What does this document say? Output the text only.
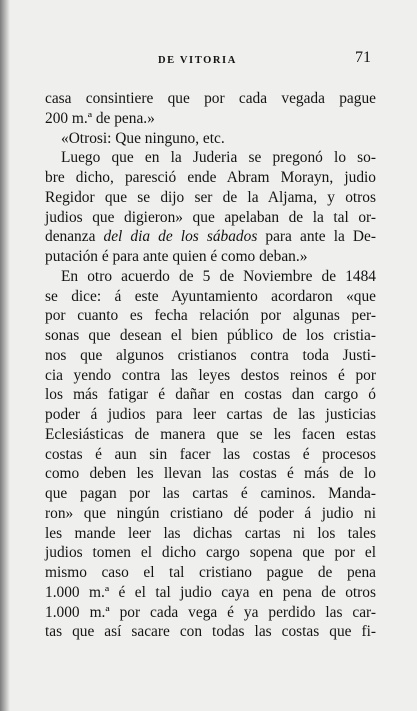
DE VITORIA	71
casa consintiere que por cada vegada pague
200 m.ª de pena.»
«Otrosi: Que ninguno, etc.
Luego que en la Juderia se pregonó lo so-
bre dicho, paresció ende Abram Morayn, judio
Regidor que se dijo ser de la Aljama, y otros
judios que digieron» que apelaban de la tal or-
denanza del dia de los sábados para ante la De-
putación é para ante quien é como deban.»
En otro acuerdo de 5 de Noviembre de 1484
se dice: á este Ayuntamiento acordaron «que
por cuanto es fecha relación por algunas per-
sonas que desean el bien público de los cristia-
nos que algunos cristianos contra toda Justi-
cia yendo contra las leyes destos reinos é por
los más fatigar é dañar en costas dan cargo ó
poder á judios para leer cartas de las justicias
Eclesiásticas de manera que se les facen estas
costas é aun sin facer las costas é procesos
como deben les llevan las costas é más de lo
que pagan por las cartas é caminos. Manda-
ron» que ningún cristiano dé poder á judio ni
les mande leer las dichas cartas ni los tales
judios tomen el dicho cargo sopena que por el
mismo caso el tal cristiano pague de pena
1.000 m.ª é el tal judio caya en pena de otros
1.000 m.ª por cada vega é ya perdido las car-
tas que así sacare con todas las costas que fi-
